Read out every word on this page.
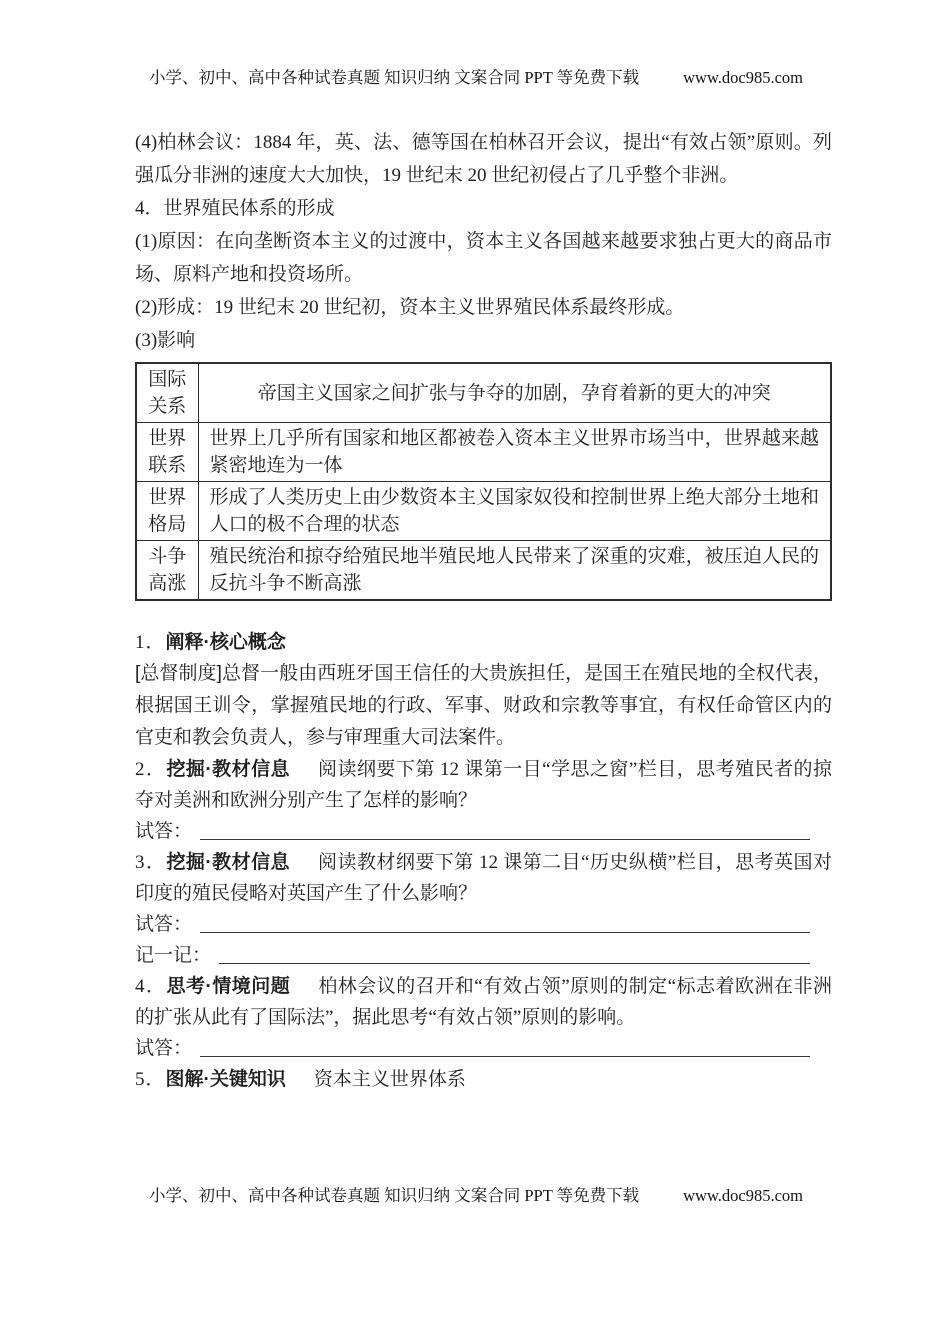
小学、初中、高中各种试卷真题 知识归纳 文案合同 PPT 等免费下载	www.doc985.com

(4)柏林会议：1884 年，英、法、德等国在柏林召开会议，提出“有效占领”原则。列强瓜分非洲的速度大大加快，19 世纪末 20 世纪初侵占了几乎整个非洲。

4．世界殖民体系的形成

(1)原因：在向垄断资本主义的过渡中，资本主义各国越来越要求独占更大的商品市场、原料产地和投资场所。

(2)形成：19 世纪末 20 世纪初，资本主义世界殖民体系最终形成。

(3)影响

国际
关系	帝国主义国家之间扩张与争夺的加剧，孕育着新的更大的冲突

世界
联系	世界上几乎所有国家和地区都被卷入资本主义世界市场当中，世界越来越紧密地连为一体

世界
格局	形成了人类历史上由少数资本主义国家奴役和控制世界上绝大部分土地和人口的极不合理的状态

斗争
高涨	殖民统治和掠夺给殖民地半殖民地人民带来了深重的灾难，被压迫人民的反抗斗争不断高涨

1．阐释·核心概念

[总督制度]总督一般由西班牙国王信任的大贵族担任，是国王在殖民地的全权代表，根据国王训令，掌握殖民地的行政、军事、财政和宗教等事宜，有权任命管区内的官吏和教会负责人，参与审理重大司法案件。

2．挖掘·教材信息 阅读纲要下第 12 课第一目“学思之窗”栏目，思考殖民者的掠夺对美洲和欧洲分别产生了怎样的影响？

试答：

3．挖掘·教材信息 阅读教材纲要下第 12 课第二目“历史纵横”栏目，思考英国对印度的殖民侵略对英国产生了什么影响？

试答：
记一记：

4．思考·情境问题 柏林会议的召开和“有效占领”原则的制定“标志着欧洲在非洲的扩张从此有了国际法”，据此思考“有效占领”原则的影响。

试答：

5．图解·关键知识 资本主义世界体系

小学、初中、高中各种试卷真题 知识归纳 文案合同 PPT 等免费下载	www.doc985.com
